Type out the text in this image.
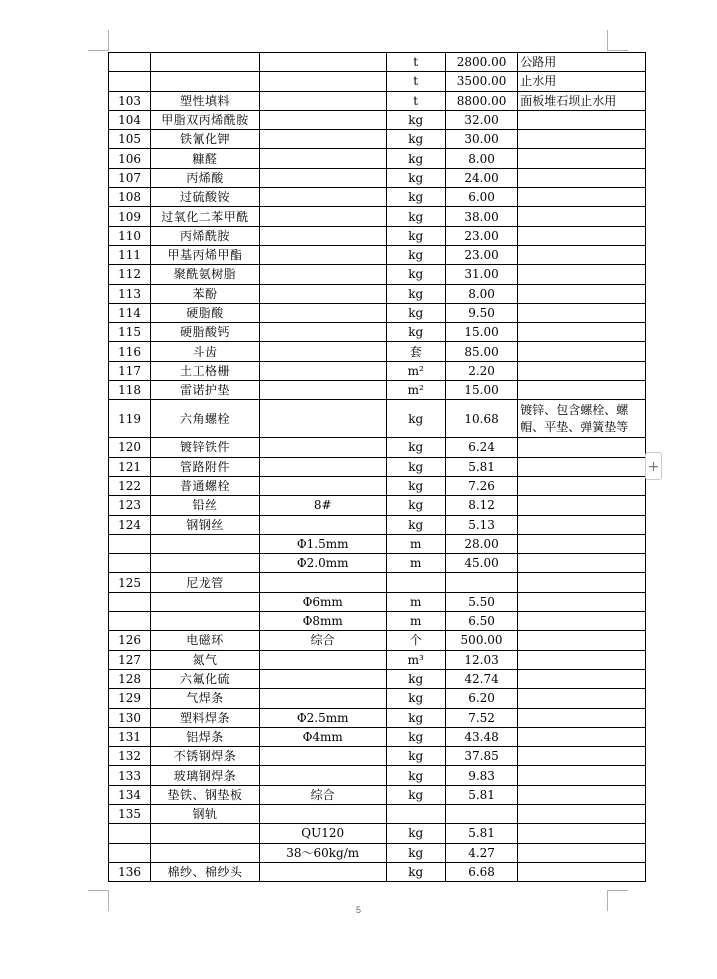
			t	2800.00	公路用
			t	3500.00	止水用
103	塑性填料		t	8800.00	面板堆石坝止水用
104	甲脂双丙烯酰胺		kg	32.00	
105	铁氰化钾		kg	30.00	
106	糠醛		kg	8.00	
107	丙烯酸		kg	24.00	
108	过硫酸铵		kg	6.00	
109	过氧化二苯甲酰		kg	38.00	
110	丙烯酰胺		kg	23.00	
111	甲基丙烯甲酯		kg	23.00	
112	聚酰氨树脂		kg	31.00	
113	苯酚		kg	8.00	
114	硬脂酸		kg	9.50	
115	硬脂酸钙		kg	15.00	
116	斗齿		套	85.00	
117	土工格栅		m²	2.20	
118	雷诺护垫		m²	15.00	
119	六角螺栓		kg	10.68	镀锌、包含螺栓、螺帽、平垫、弹簧垫等
120	镀锌铁件		kg	6.24	
121	管路附件		kg	5.81	
122	普通螺栓		kg	7.26	
123	铅丝	8#	kg	8.12	
124	钢钢丝		kg	5.13	
		Φ1.5mm	m	28.00	
		Φ2.0mm	m	45.00	
125	尼龙管				
		Φ6mm	m	5.50	
		Φ8mm	m	6.50	
126	电磁环	综合	个	500.00	
127	氮气		m³	12.03	
128	六氟化硫		kg	42.74	
129	气焊条		kg	6.20	
130	塑料焊条	Φ2.5mm	kg	7.52	
131	铝焊条	Φ4mm	kg	43.48	
132	不锈钢焊条		kg	37.85	
133	玻璃钢焊条		kg	9.83	
134	垫铁、钢垫板	综合	kg	5.81	
135	钢轨				
		QU120	kg	5.81	
		38～60kg/m	kg	4.27	
136	棉纱、棉纱头		kg	6.68	
+
5
